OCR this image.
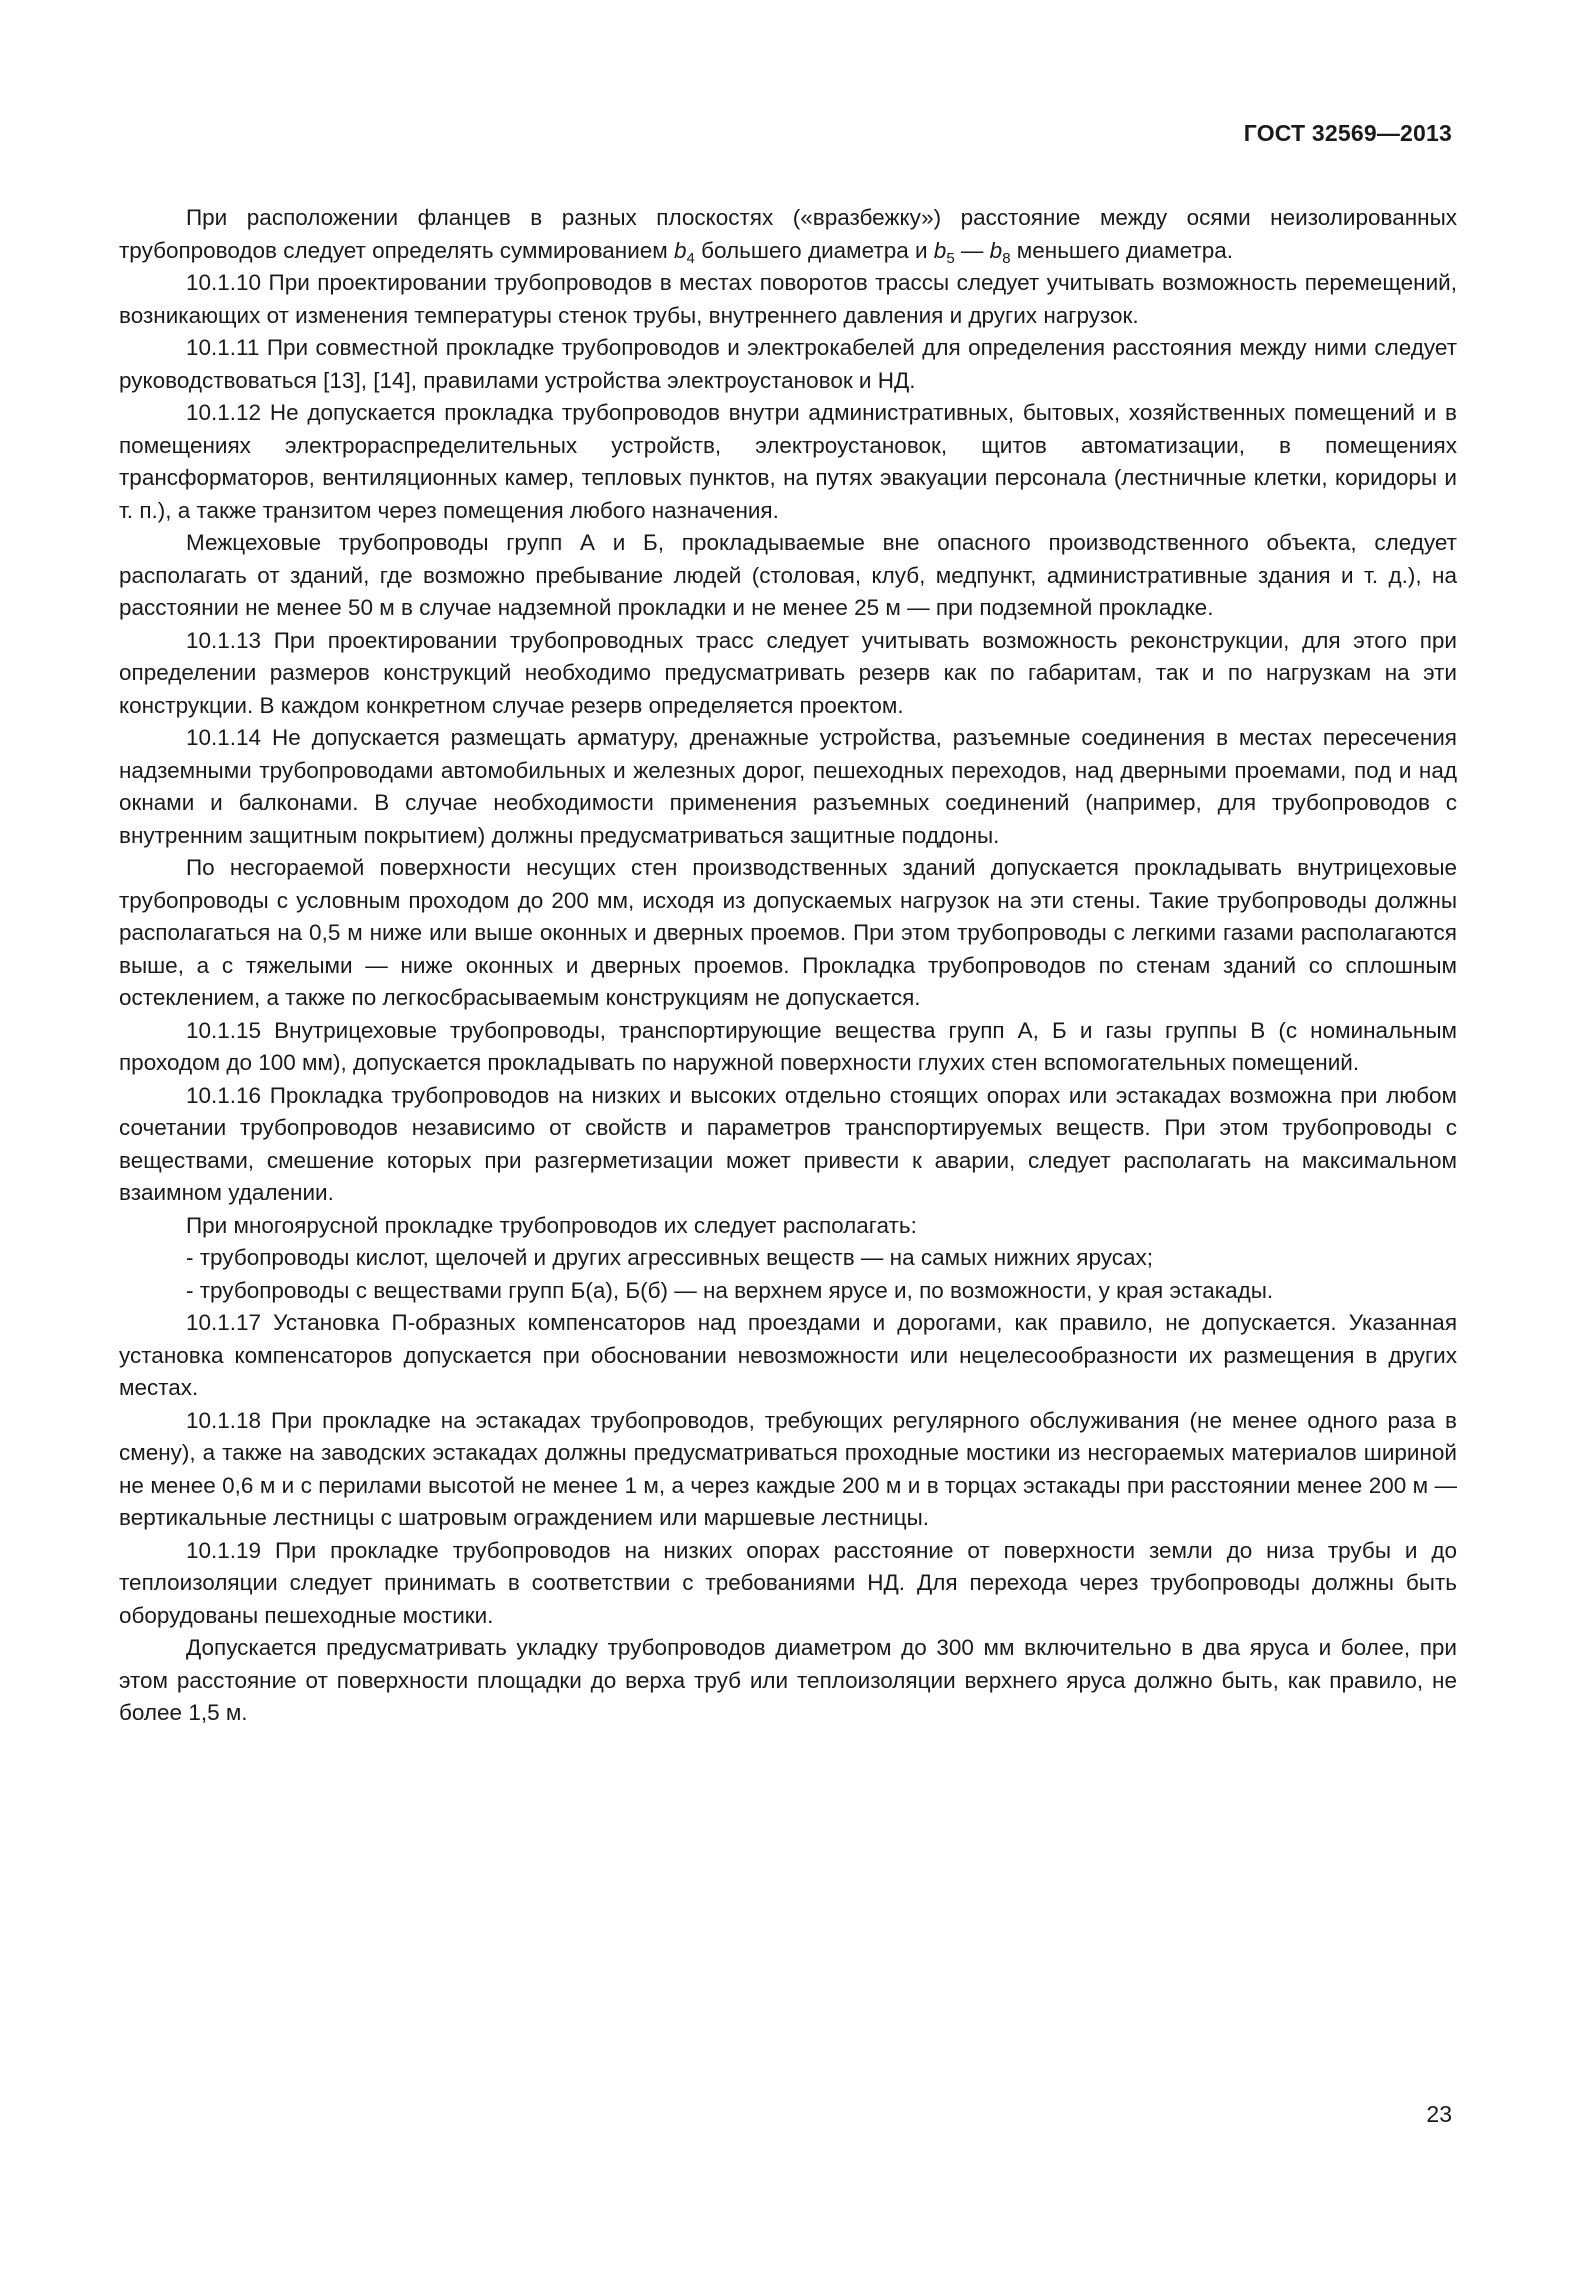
ГОСТ 32569—2013

При расположении фланцев в разных плоскостях («вразбежку») расстояние между осями неизолированных трубопроводов следует определять суммированием $b_4$ большего диаметра и $b_5$ — $b_8$ меньшего диаметра.

10.1.10 При проектировании трубопроводов в местах поворотов трассы следует учитывать возможность перемещений, возникающих от изменения температуры стенок трубы, внутреннего давления и других нагрузок.

10.1.11 При совместной прокладке трубопроводов и электрокабелей для определения расстояния между ними следует руководствоваться [13], [14], правилами устройства электроустановок и НД.

10.1.12 Не допускается прокладка трубопроводов внутри административных, бытовых, хозяйственных помещений и в помещениях электрораспределительных устройств, электроустановок, щитов автоматизации, в помещениях трансформаторов, вентиляционных камер, тепловых пунктов, на путях эвакуации персонала (лестничные клетки, коридоры и т. п.), а также транзитом через помещения любого назначения.

Межцеховые трубопроводы групп А и Б, прокладываемые вне опасного производственного объекта, следует располагать от зданий, где возможно пребывание людей (столовая, клуб, медпункт, административные здания и т. д.), на расстоянии не менее 50 м в случае надземной прокладки и не менее 25 м — при подземной прокладке.

10.1.13 При проектировании трубопроводных трасс следует учитывать возможность реконструкции, для этого при определении размеров конструкций необходимо предусматривать резерв как по габаритам, так и по нагрузкам на эти конструкции. В каждом конкретном случае резерв определяется проектом.

10.1.14 Не допускается размещать арматуру, дренажные устройства, разъемные соединения в местах пересечения надземными трубопроводами автомобильных и железных дорог, пешеходных переходов, над дверными проемами, под и над окнами и балконами. В случае необходимости применения разъемных соединений (например, для трубопроводов с внутренним защитным покрытием) должны предусматриваться защитные поддоны.

По несгораемой поверхности несущих стен производственных зданий допускается прокладывать внутрицеховые трубопроводы с условным проходом до 200 мм, исходя из допускаемых нагрузок на эти стены. Такие трубопроводы должны располагаться на 0,5 м ниже или выше оконных и дверных проемов. При этом трубопроводы с легкими газами располагаются выше, а с тяжелыми — ниже оконных и дверных проемов. Прокладка трубопроводов по стенам зданий со сплошным остеклением, а также по легкосбрасываемым конструкциям не допускается.

10.1.15 Внутрицеховые трубопроводы, транспортирующие вещества групп А, Б и газы группы В (с номинальным проходом до 100 мм), допускается прокладывать по наружной поверхности глухих стен вспомогательных помещений.

10.1.16 Прокладка трубопроводов на низких и высоких отдельно стоящих опорах или эстакадах возможна при любом сочетании трубопроводов независимо от свойств и параметров транспортируемых веществ. При этом трубопроводы с веществами, смешение которых при разгерметизации может привести к аварии, следует располагать на максимальном взаимном удалении.

При многоярусной прокладке трубопроводов их следует располагать:

- трубопроводы кислот, щелочей и других агрессивных веществ — на самых нижних ярусах;

- трубопроводы с веществами групп Б(а), Б(б) — на верхнем ярусе и, по возможности, у края эстакады.

10.1.17 Установка П-образных компенсаторов над проездами и дорогами, как правило, не допускается. Указанная установка компенсаторов допускается при обосновании невозможности или нецелесообразности их размещения в других местах.

10.1.18 При прокладке на эстакадах трубопроводов, требующих регулярного обслуживания (не менее одного раза в смену), а также на заводских эстакадах должны предусматриваться проходные мостики из несгораемых материалов шириной не менее 0,6 м и с перилами высотой не менее 1 м, а через каждые 200 м и в торцах эстакады при расстоянии менее 200 м — вертикальные лестницы с шатровым ограждением или маршевые лестницы.

10.1.19 При прокладке трубопроводов на низких опорах расстояние от поверхности земли до низа трубы и до теплоизоляции следует принимать в соответствии с требованиями НД. Для перехода через трубопроводы должны быть оборудованы пешеходные мостики.

Допускается предусматривать укладку трубопроводов диаметром до 300 мм включительно в два яруса и более, при этом расстояние от поверхности площадки до верха труб или теплоизоляции верхнего яруса должно быть, как правило, не более 1,5 м.

23
